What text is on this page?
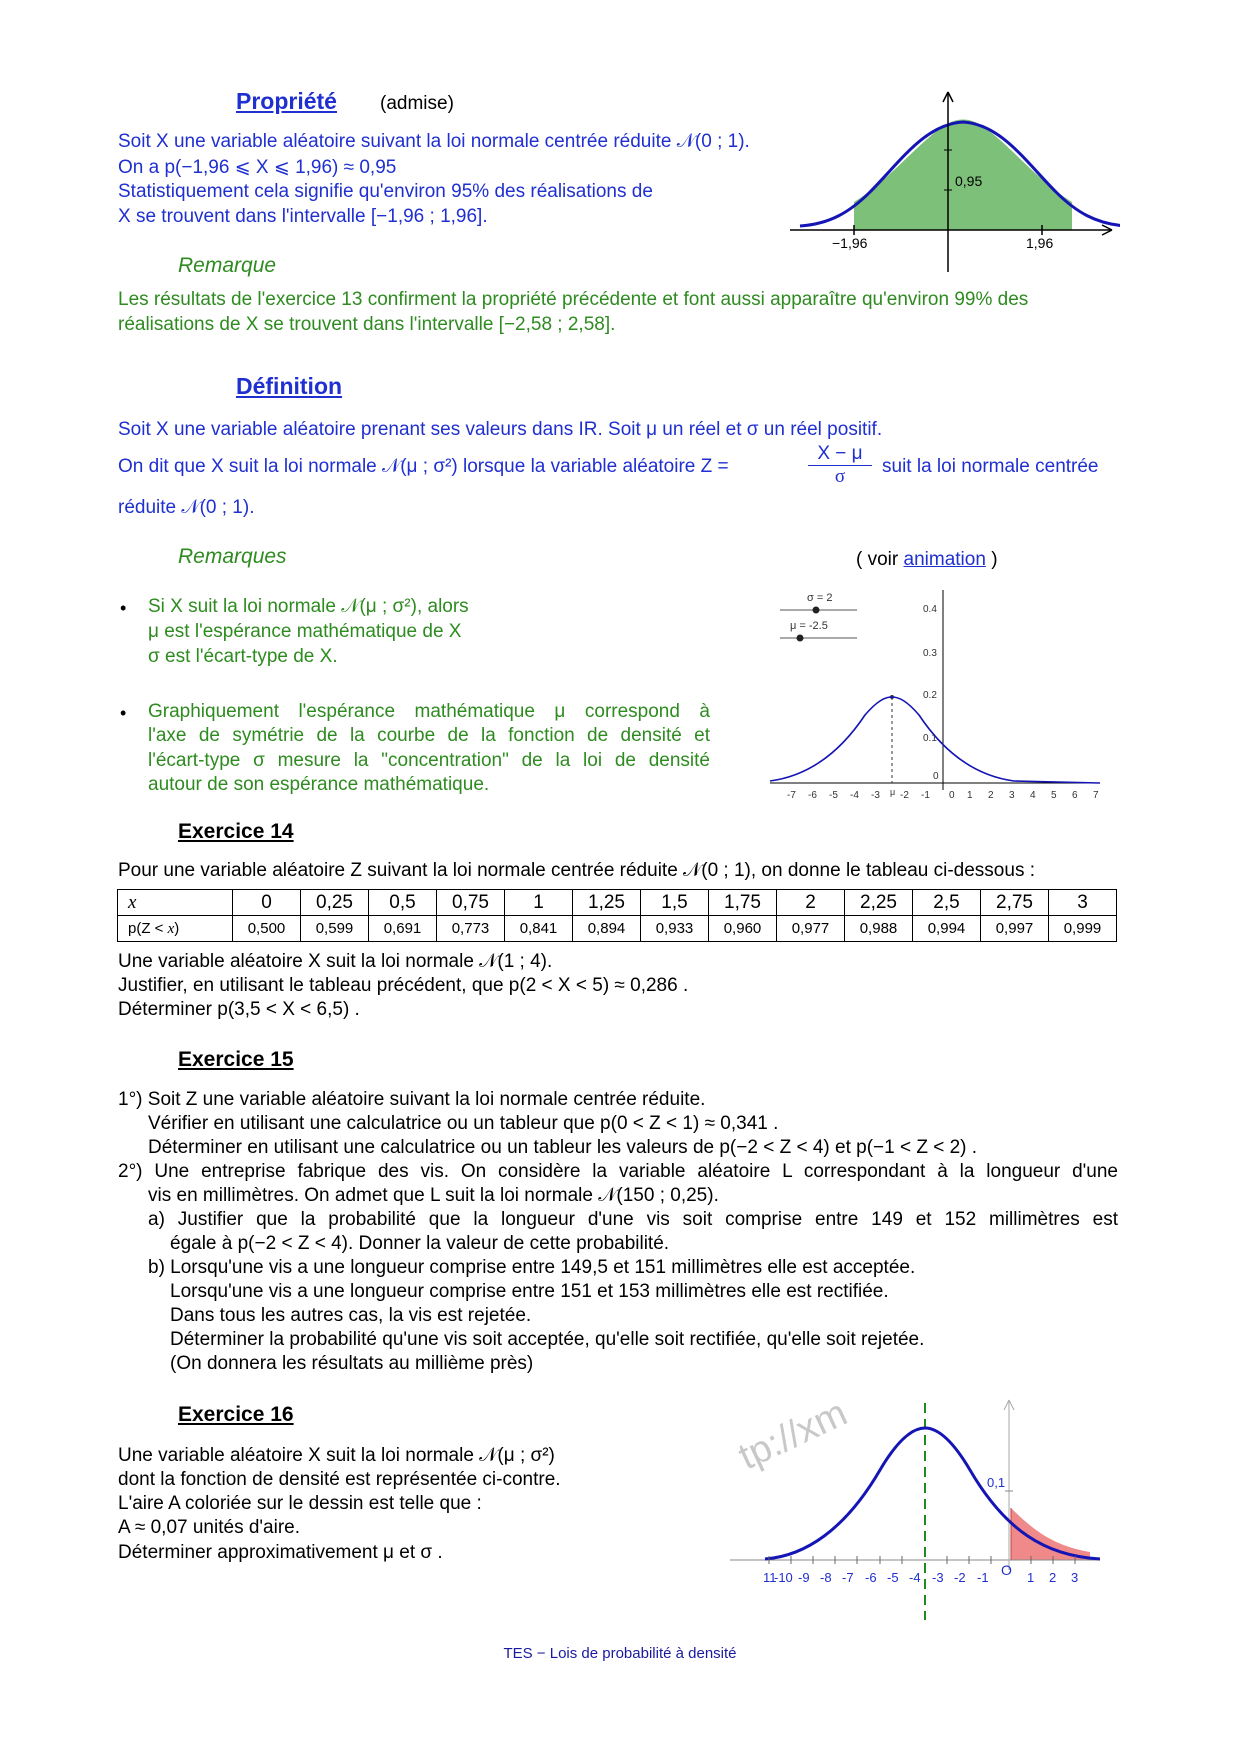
Propriété (admise)
Soit X une variable aléatoire suivant la loi normale centrée réduite 𝒩(0 ; 1).
On a p(−1,96 ⩽ X ⩽ 1,96) ≈ 0,95
Statistiquement cela signifie qu'environ 95% des réalisations de
X se trouvent dans l'intervalle [−1,96 ; 1,96].
0,95
−1,96	1,96
Remarque
Les résultats de l'exercice 13 confirment la propriété précédente et font aussi apparaître qu'environ 99% des
réalisations de X se trouvent dans l'intervalle [−2,58 ; 2,58].
Définition
Soit X une variable aléatoire prenant ses valeurs dans IR. Soit μ un réel et σ un réel positif.
On dit que X suit la loi normale 𝒩(μ ; σ²) lorsque la variable aléatoire Z =	$\frac{X - \mu}{\sigma}$ suit la loi normale centrée
réduite 𝒩(0 ; 1).
Remarques	( voir animation )
• Si X suit la loi normale 𝒩(μ ; σ²), alors
μ est l'espérance mathématique de X
σ est l'écart-type de X.
• Graphiquement l'espérance mathématique μ correspond à
l'axe de symétrie de la courbe de la fonction de densité et
l'écart-type σ mesure la "concentration" de la loi de densité
autour de son espérance mathématique.
σ = 2
μ = -2.5
0.4
0.3
0.2
0.1
0
-7 -6 -5 -4 -3 -2 -1 0 1 2 3 4 5 6 7
μ
Exercice 14
Pour une variable aléatoire Z suivant la loi normale centrée réduite 𝒩(0 ; 1), on donne le tableau ci-dessous :
x	0	0,25	0,5	0,75	1	1,25	1,5	1,75	2	2,25	2,5	2,75	3
p(Z < x)	0,500	0,599	0,691	0,773	0,841	0,894	0,933	0,960	0,977	0,988	0,994	0,997	0,999
Une variable aléatoire X suit la loi normale 𝒩(1 ; 4).
Justifier, en utilisant le tableau précédent, que p(2 < X < 5) ≈ 0,286 .
Déterminer p(3,5 < X < 6,5) .
Exercice 15
1°) Soit Z une variable aléatoire suivant la loi normale centrée réduite.
Vérifier en utilisant une calculatrice ou un tableur que p(0 < Z < 1) ≈ 0,341 .
Déterminer en utilisant une calculatrice ou un tableur les valeurs de p(−2 < Z < 4) et p(−1 < Z < 2) .
2°) Une entreprise fabrique des vis. On considère la variable aléatoire L correspondant à la longueur d'une
vis en millimètres. On admet que L suit la loi normale 𝒩(150 ; 0,25).
a) Justifier que la probabilité que la longueur d'une vis soit comprise entre 149 et 152 millimètres est
égale à p(−2 < Z < 4). Donner la valeur de cette probabilité.
b) Lorsqu'une vis a une longueur comprise entre 149,5 et 151 millimètres elle est acceptée.
Lorsqu'une vis a une longueur comprise entre 151 et 153 millimètres elle est rectifiée.
Dans tous les autres cas, la vis est rejetée.
Déterminer la probabilité qu'une vis soit acceptée, qu'elle soit rectifiée, qu'elle soit rejetée.
(On donnera les résultats au millième près)
Exercice 16
Une variable aléatoire X suit la loi normale 𝒩(μ ; σ²)
dont la fonction de densité est représentée ci-contre.
L'aire A coloriée sur le dessin est telle que :
A ≈ 0,07 unités d'aire.
Déterminer approximativement μ et σ .
tp://xm
0,1
O
11
-10 -9 -8 -7 -6 -5 -4 -3 -2 -1	1 2 3
TES − Lois de probabilité à densité
